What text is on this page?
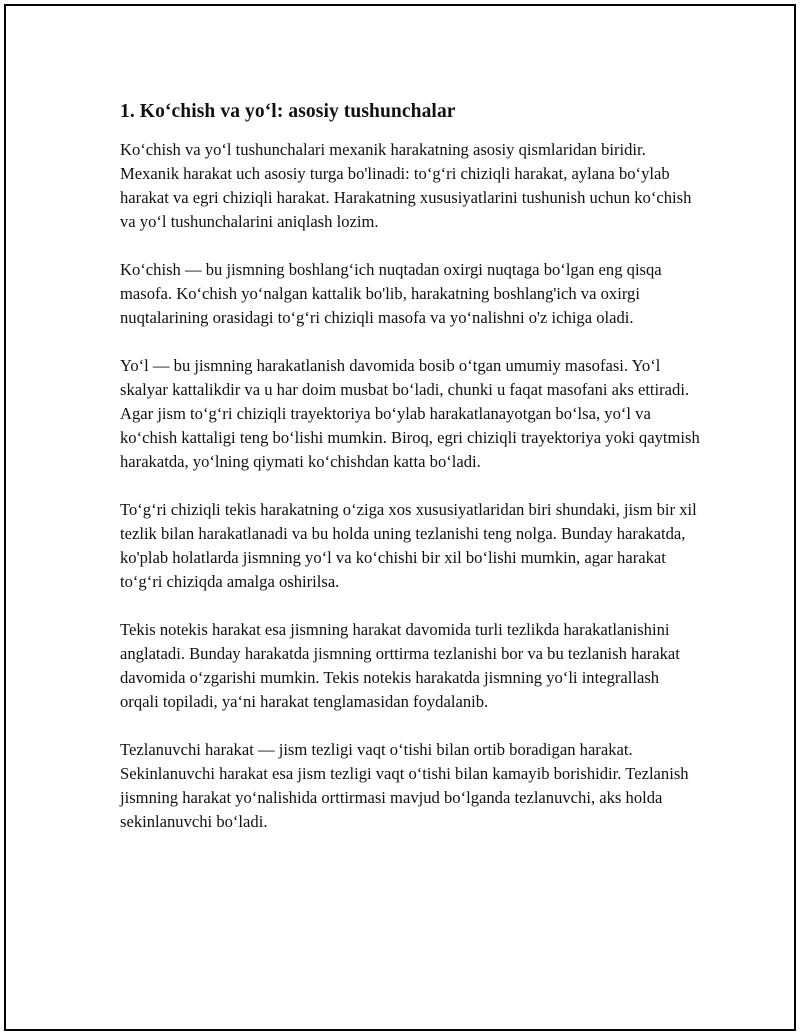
1. Ko‘chish va yo‘l: asosiy tushunchalar

Ko‘chish va yo‘l tushunchalari mexanik harakatning asosiy qismlaridan biridir. Mexanik harakat uch asosiy turga bo'linadi: to‘g‘ri chiziqli harakat, aylana bo‘ylab harakat va egri chiziqli harakat. Harakatning xususiyatlarini tushunish uchun ko‘chish va yo‘l tushunchalarini aniqlash lozim.

Ko‘chish — bu jismning boshlang‘ich nuqtadan oxirgi nuqtaga bo‘lgan eng qisqa masofa. Ko‘chish yo‘nalgan kattalik bo'lib, harakatning boshlang'ich va oxirgi nuqtalarining orasidagi to‘g‘ri chiziqli masofa va yo‘nalishni o'z ichiga oladi.

Yo‘l — bu jismning harakatlanish davomida bosib o‘tgan umumiy masofasi. Yo‘l skalyar kattalikdir va u har doim musbat bo‘ladi, chunki u faqat masofani aks ettiradi. Agar jism to‘g‘ri chiziqli trayektoriya bo‘ylab harakatlanayotgan bo‘lsa, yo‘l va ko‘chish kattaligi teng bo‘lishi mumkin. Biroq, egri chiziqli trayektoriya yoki qaytmish harakatda, yo‘lning qiymati ko‘chishdan katta bo‘ladi.

To‘g‘ri chiziqli tekis harakatning o‘ziga xos xususiyatlaridan biri shundaki, jism bir xil tezlik bilan harakatlanadi va bu holda uning tezlanishi teng nolga. Bunday harakatda, ko'plab holatlarda jismning yo‘l va ko‘chishi bir xil bo‘lishi mumkin, agar harakat to‘g‘ri chiziqda amalga oshirilsa.

Tekis notekis harakat esa jismning harakat davomida turli tezlikda harakatlanishini anglatadi. Bunday harakatda jismning orttirma tezlanishi bor va bu tezlanish harakat davomida o‘zgarishi mumkin. Tekis notekis harakatda jismning yo‘li integrallash orqali topiladi, ya‘ni harakat tenglamasidan foydalanib.

Tezlanuvchi harakat — jism tezligi vaqt o‘tishi bilan ortib boradigan harakat. Sekinlanuvchi harakat esa jism tezligi vaqt o‘tishi bilan kamayib borishidir. Tezlanish jismning harakat yo‘nalishida orttirmasi mavjud bo‘lganda tezlanuvchi, aks holda sekinlanuvchi bo‘ladi.
